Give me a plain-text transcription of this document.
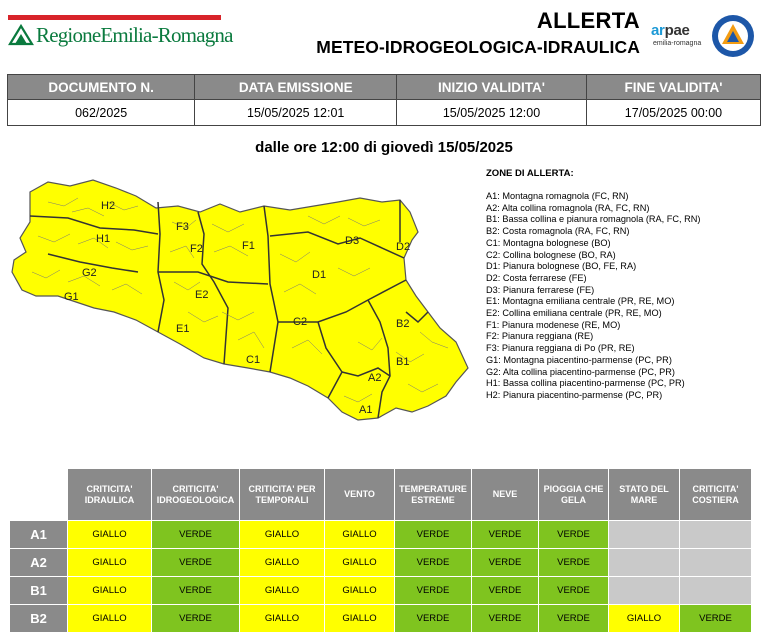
RegioneEmilia-Romagna
ALLERTA
METEO-IDROGEOLOGICA-IDRAULICA
arpae
emilia-romagna
DOCUMENTO N.	DATA EMISSIONE	INIZIO VALIDITA'	FINE VALIDITA'
062/2025	15/05/2025 12:01	15/05/2025 12:00	17/05/2025 00:00
dalle ore 12:00 di giovedì 15/05/2025
H2
H1
G2
G1
F3
F2	F1
E2
E1
D3	D2
D1
C2
C1
B2
B1
A2
A1
ZONE DI ALLERTA:
A1: Montagna romagnola (FC, RN)
A2: Alta collina romagnola (RA, FC, RN)
B1: Bassa collina e pianura romagnola (RA, FC, RN)
B2: Costa romagnola (RA, FC, RN)
C1: Montagna bolognese (BO)
C2: Collina bolognese (BO, RA)
D1: Pianura bolognese (BO, FE, RA)
D2: Costa ferrarese (FE)
D3: Pianura ferrarese (FE)
E1: Montagna emiliana centrale (PR, RE, MO)
E2: Collina emiliana centrale (PR, RE, MO)
F1: Pianura modenese (RE, MO)
F2: Pianura reggiana (RE)
F3: Pianura reggiana di Po (PR, RE)
G1: Montagna piacentino-parmense (PC, PR)
G2: Alta collina piacentino-parmense (PC, PR)
H1: Bassa collina piacentino-parmense (PC, PR)
H2: Pianura piacentino-parmense (PC, PR)
	CRITICITA' IDRAULICA	CRITICITA' IDROGEOLOGICA	CRITICITA' PER TEMPORALI	VENTO	TEMPERATURE ESTREME	NEVE	PIOGGIA CHE GELA	STATO DEL MARE	CRITICITA' COSTIERA
A1	GIALLO	VERDE	GIALLO	GIALLO	VERDE	VERDE	VERDE		
A2	GIALLO	VERDE	GIALLO	GIALLO	VERDE	VERDE	VERDE		
B1	GIALLO	VERDE	GIALLO	GIALLO	VERDE	VERDE	VERDE		
B2	GIALLO	VERDE	GIALLO	GIALLO	VERDE	VERDE	VERDE	GIALLO	VERDE
